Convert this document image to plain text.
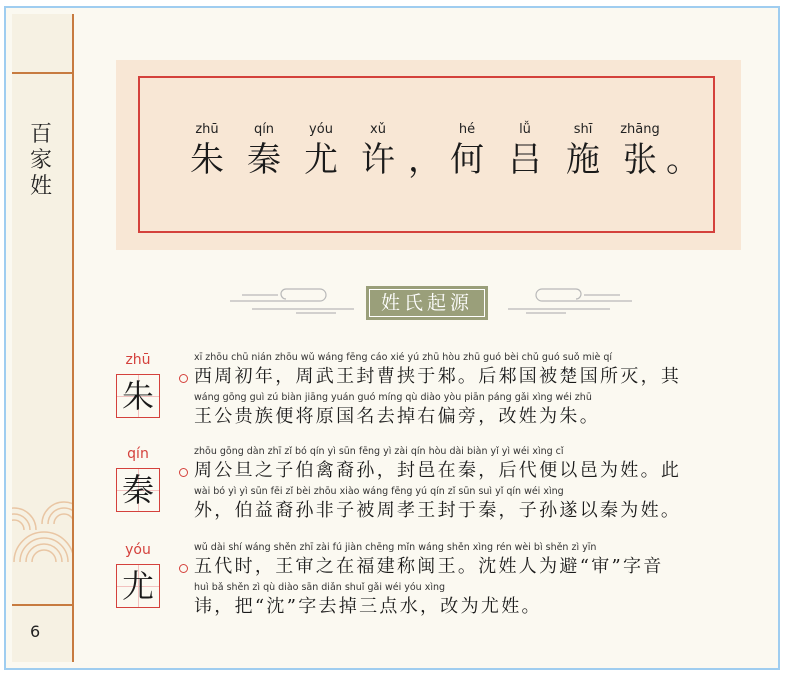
百
家
姓
6
zhū
朱
qín
秦
yóu
尤
xǔ
许 ，
hé
何
lǚ
吕
shī
施
zhāng
张 。
姓氏起源
zhū
朱
xī zhōu chū nián zhōu wǔ wáng fēng cáo xié yú zhū hòu zhū guó bèi chǔ guó suǒ miè qí
西周初年，周武王封曹挟于邾。后邾国被楚国所灭，其
wáng gōng guì zú biàn jiāng yuán guó míng qù diào yòu piān páng gǎi xìng wéi zhū
王公贵族便将原国名去掉右偏旁，改姓为朱。
qín
秦
zhōu gōng dàn zhī zǐ bó qín yì sūn fēng yì zài qín hòu dài biàn yǐ yì wéi xìng cǐ
周公旦之子伯禽裔孙，封邑在秦，后代便以邑为姓。此
wài bó yì yì sūn fēi zǐ bèi zhōu xiào wáng fēng yú qín zǐ sūn suì yǐ qín wéi xìng
外，伯益裔孙非子被周孝王封于秦，子孙遂以秦为姓。
yóu
尤
wǔ dài shí wáng shěn zhī zài fú jiàn chēng mǐn wáng shěn xìng rén wèi bì shěn zì yīn
五代时，王审之在福建称闽王。沈姓人为避“审”字音
huì bǎ shěn zì qù diào sān diǎn shuǐ gǎi wéi yóu xìng
讳，把“沈”字去掉三点水，改为尤姓。
